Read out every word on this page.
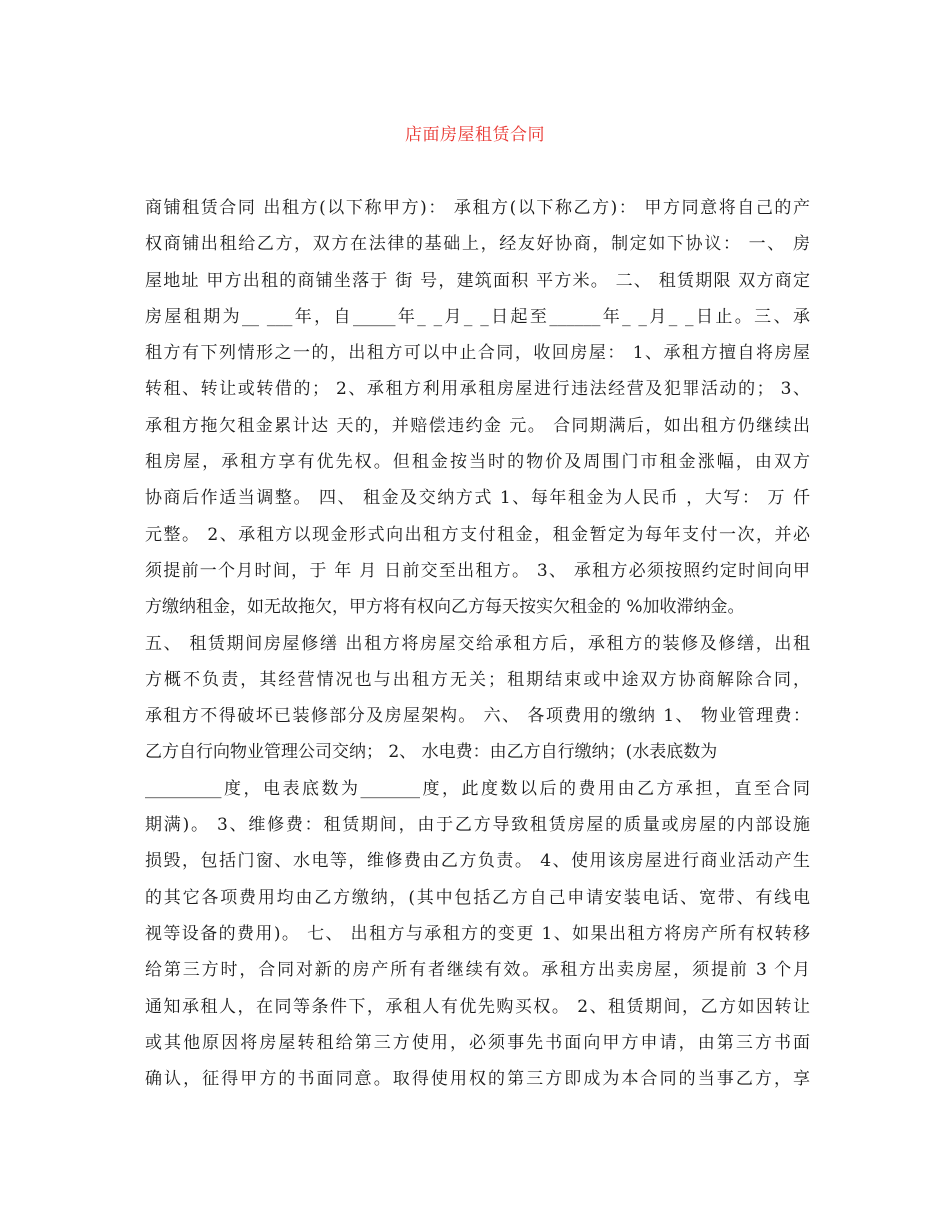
店面房屋租赁合同
商铺租赁合同 出租方(以下称甲方)： 承租方(以下称乙方)： 甲方同意将自己的产
权商铺出租给乙方，双方在法律的基础上，经友好协商，制定如下协议： 一、 房
屋地址 甲方出租的商铺坐落于 街 号，建筑面积 平方米。 二、 租赁期限 双方商定
房屋租期为__ ___年，自_____年_ _月_ _日起至______年_ _月_ _日止。三、承
租方有下列情形之一的，出租方可以中止合同，收回房屋： 1、承租方擅自将房屋
转租、转让或转借的； 2、承租方利用承租房屋进行违法经营及犯罪活动的； 3、
承租方拖欠租金累计达 天的，并赔偿违约金 元。 合同期满后，如出租方仍继续出
租房屋，承租方享有优先权。但租金按当时的物价及周围门市租金涨幅，由双方
协商后作适当调整。 四、 租金及交纳方式 1、每年租金为人民币 ，大写： 万 仟
元整。 2、承租方以现金形式向出租方支付租金，租金暂定为每年支付一次，并必
须提前一个月时间，于 年 月 日前交至出租方。 3、 承租方必须按照约定时间向甲
方缴纳租金，如无故拖欠，甲方将有权向乙方每天按实欠租金的 %加收滞纳金。
五、 租赁期间房屋修缮 出租方将房屋交给承租方后，承租方的装修及修缮，出租
方概不负责，其经营情况也与出租方无关；租期结束或中途双方协商解除合同，
承租方不得破坏已装修部分及房屋架构。 六、 各项费用的缴纳 1、 物业管理费：
乙方自行向物业管理公司交纳； 2、 水电费：由乙方自行缴纳；(水表底数为
_________度，电表底数为_______度，此度数以后的费用由乙方承担，直至合同
期满)。 3、维修费：租赁期间，由于乙方导致租赁房屋的质量或房屋的内部设施
损毁，包括门窗、水电等，维修费由乙方负责。 4、使用该房屋进行商业活动产生
的其它各项费用均由乙方缴纳，(其中包括乙方自己申请安装电话、宽带、有线电
视等设备的费用)。 七、 出租方与承租方的变更 1、如果出租方将房产所有权转移
给第三方时，合同对新的房产所有者继续有效。承租方出卖房屋，须提前 3 个月
通知承租人，在同等条件下，承租人有优先购买权。 2、租赁期间，乙方如因转让
或其他原因将房屋转租给第三方使用，必须事先书面向甲方申请，由第三方书面
确认，征得甲方的书面同意。取得使用权的第三方即成为本合同的当事乙方，享
